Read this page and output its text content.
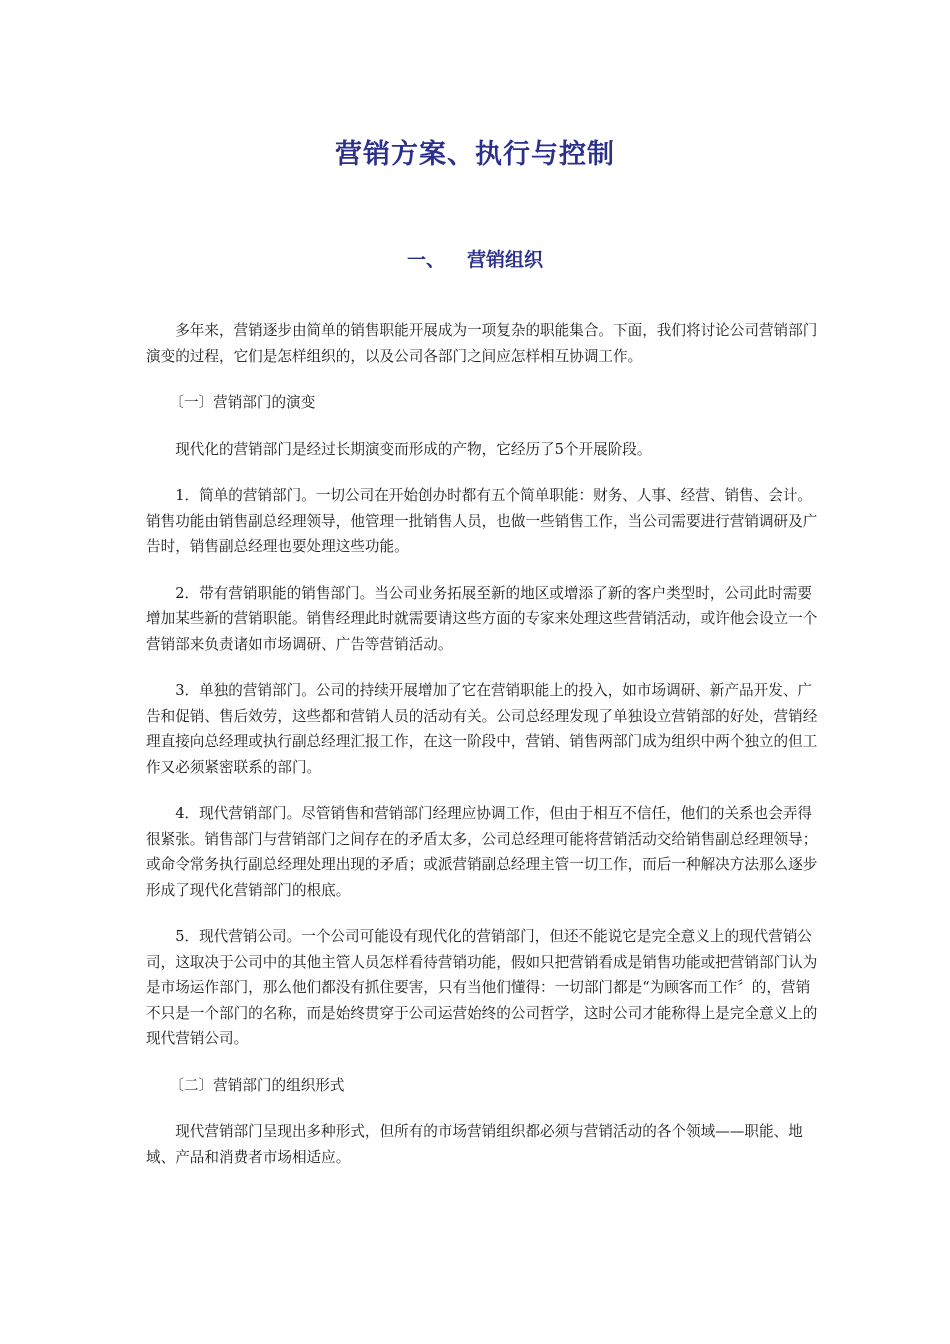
营销方案、执行与控制
一、 营销组织

多年来，营销逐步由简单的销售职能开展成为一项复杂的职能集合。下面，我们将讨论公司营销部门演变的过程，它们是怎样组织的，以及公司各部门之间应怎样相互协调工作。

〔一〕营销部门的演变

现代化的营销部门是经过长期演变而形成的产物，它经历了5个开展阶段。

1．简单的营销部门。一切公司在开始创办时都有五个简单职能：财务、人事、经营、销售、会计。销售功能由销售副总经理领导，他管理一批销售人员，也做一些销售工作，当公司需要进行营销调研及广告时，销售副总经理也要处理这些功能。

2．带有营销职能的销售部门。当公司业务拓展至新的地区或增添了新的客户类型时，公司此时需要增加某些新的营销职能。销售经理此时就需要请这些方面的专家来处理这些营销活动，或许他会设立一个营销部来负责诸如市场调研、广告等营销活动。

3．单独的营销部门。公司的持续开展增加了它在营销职能上的投入，如市场调研、新产品开发、广告和促销、售后效劳，这些都和营销人员的活动有关。公司总经理发现了单独设立营销部的好处，营销经理直接向总经理或执行副总经理汇报工作，在这一阶段中，营销、销售两部门成为组织中两个独立的但工作又必须紧密联系的部门。

4．现代营销部门。尽管销售和营销部门经理应协调工作，但由于相互不信任，他们的关系也会弄得很紧张。销售部门与营销部门之间存在的矛盾太多，公司总经理可能将营销活动交给销售副总经理领导；或命令常务执行副总经理处理出现的矛盾；或派营销副总经理主管一切工作，而后一种解决方法那么逐步形成了现代化营销部门的根底。

5．现代营销公司。一个公司可能设有现代化的营销部门，但还不能说它是完全意义上的现代营销公司，这取决于公司中的其他主管人员怎样看待营销功能，假如只把营销看成是销售功能或把营销部门认为是市场运作部门，那么他们都没有抓住要害，只有当他们懂得：一切部门都是“为顾客而工作〞的，营销不只是一个部门的名称，而是始终贯穿于公司运营始终的公司哲学，这时公司才能称得上是完全意义上的现代营销公司。

〔二〕营销部门的组织形式

现代营销部门呈现出多种形式，但所有的市场营销组织都必须与营销活动的各个领域——职能、地域、产品和消费者市场相适应。
